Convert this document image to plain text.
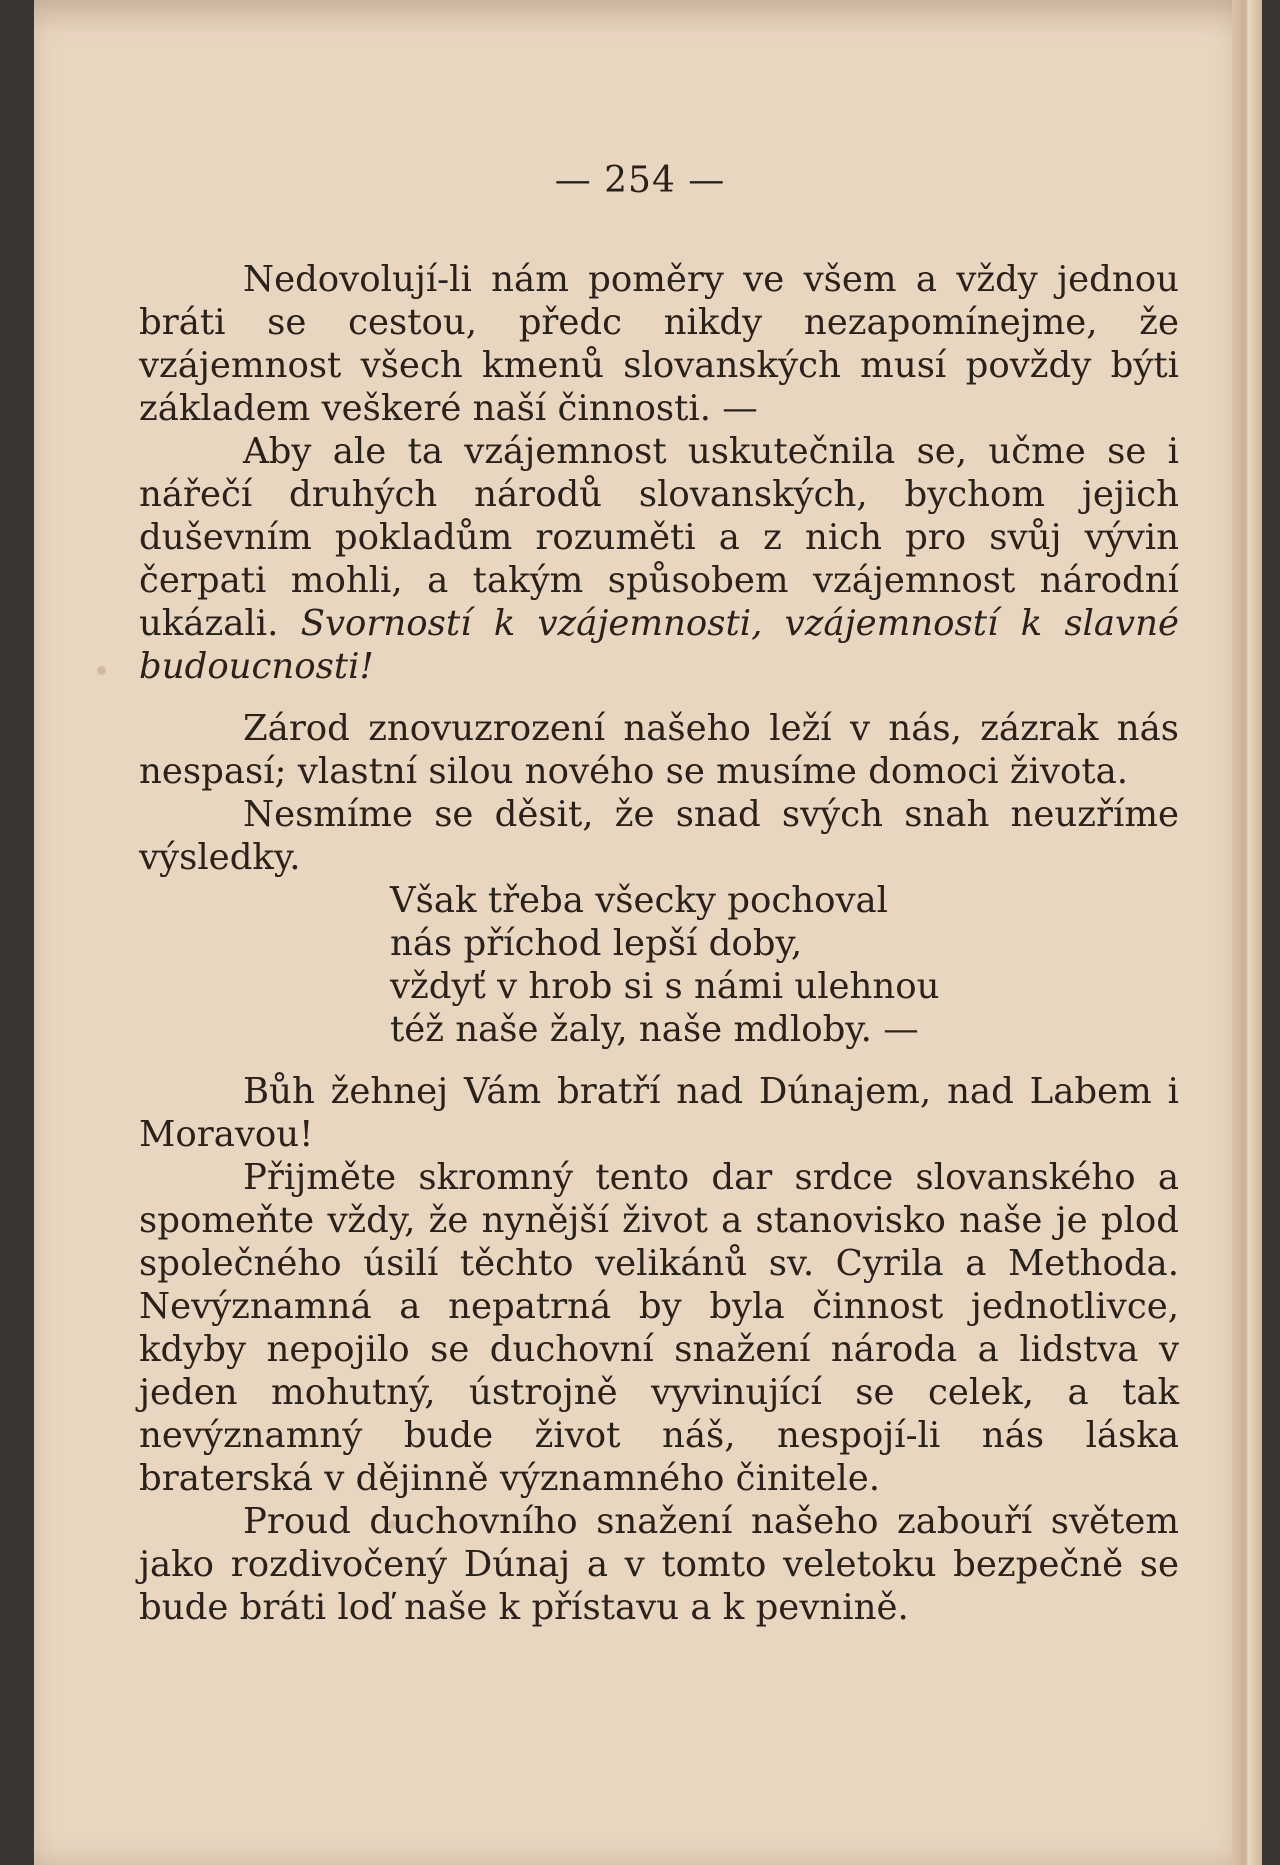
— 254 —

Nedovolují-li nám poměry ve všem a vždy jednou bráti se cestou, předc nikdy nezapomínejme, že vzájemnost všech kmenů slovanských musí povždy býti základem veškeré naší činnosti. —

Aby ale ta vzájemnost uskutečnila se, učme se i nářečí druhých národů slovanských, bychom jejich duševním pokladům rozuměti a z nich pro svůj vývin čerpati mohli, a takým spůsobem vzájemnost národní ukázali. Svorností k vzájemnosti, vzájemností k slavné budoucnosti!

Zárod znovuzrození našeho leží v nás, zázrak nás nespasí; vlastní silou nového se musíme domoci života.

Nesmíme se děsit, že snad svých snah neuzříme výsledky.

Však třeba všecky pochoval
nás příchod lepší doby,
vždyť v hrob si s námi ulehnou
též naše žaly, naše mdloby. —

Bůh žehnej Vám bratří nad Dúnajem, nad Labem i Moravou!

Přijměte skromný tento dar srdce slovanského a spomeňte vždy, že nynější život a stanovisko naše je plod společného úsilí těchto velikánů sv. Cyrila a Methoda. Nevýznamná a nepatrná by byla činnost jednotlivce, kdyby nepojilo se duchovní snažení národa a lidstva v jeden mohutný, ústrojně vyvinující se celek, a tak nevýznamný bude život náš, nespojí-li nás láska braterská v dějinně významného činitele.

Proud duchovního snažení našeho zabouří světem jako rozdivočený Dúnaj a v tomto veletoku bezpečně se bude bráti loď naše k přístavu a k pevnině.
